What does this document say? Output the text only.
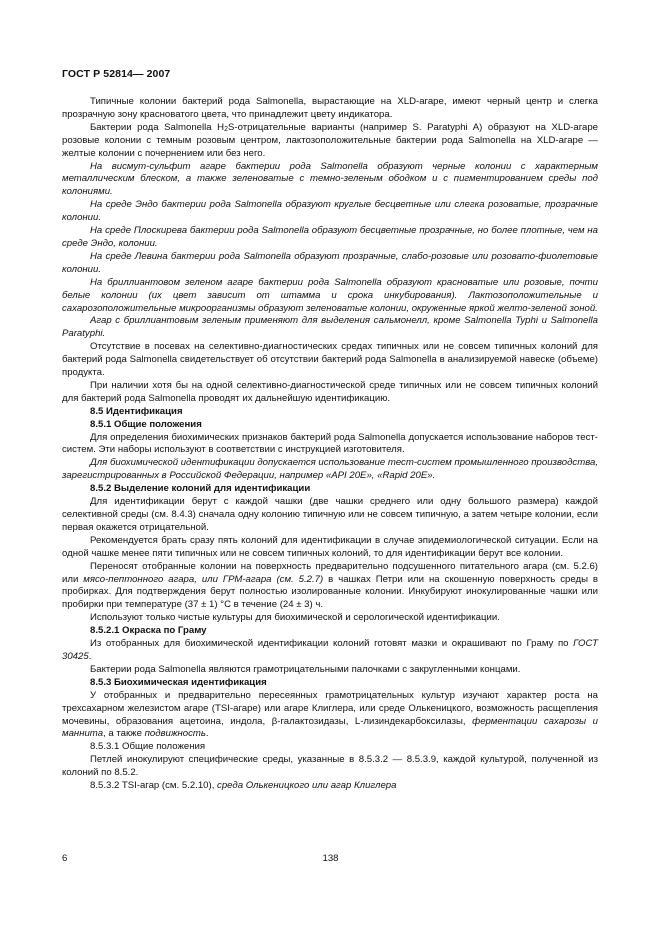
ГОСТ Р 52814— 2007

Типичные колонии бактерий рода Salmonella, вырастающие на XLD-агаре, имеют черный центр и слегка прозрачную зону красноватого цвета, что принадлежит цвету индикатора.

Бактерии рода Salmonella $H_2S$-отрицательные варианты (например S. Paratyphi A) образуют на XLD-агаре розовые колонии с темным розовым центром, лактозоположительные бактерии рода Salmonella на XLD-агаре — желтые колонии с почернением или без него.

На висмут-сульфит агаре бактерии рода Salmonella образуют черные колонии с характерным металлическим блеском, а также зеленоватые с темно-зеленым ободком и с пигментированием среды под колониями.

На среде Эндо бактерии рода Salmonella образуют круглые бесцветные или слегка розоватые, прозрачные колонии.

На среде Плоскирева бактерии рода Salmonella образуют бесцветные прозрачные, но более плотные, чем на среде Эндо, колонии.

На среде Левина бактерии рода Salmonella образуют прозрачные, слабо-розовые или розовато-фиолетовые колонии.

На бриллиантовом зеленом агаре бактерии рода Salmonella образуют красноватые или розовые, почти белые колонии (их цвет зависит от штамма и срока инкубирования). Лактозоположительные и сахарозоположительные микроорганизмы образуют зеленоватые колонии, окруженные яркой желто-зеленой зоной.

Агар с бриллиантовым зеленым применяют для выделения сальмонелл, кроме Salmonella Typhi и Salmonella Paratyphi.

Отсутствие в посевах на селективно-диагностических средах типичных или не совсем типичных колоний для бактерий рода Salmonella свидетельствует об отсутствии бактерий рода Salmonella в анализируемой навеске (объеме) продукта.

При наличии хотя бы на одной селективно-диагностической среде типичных или не совсем типичных колоний для бактерий рода Salmonella проводят их дальнейшую идентификацию.

8.5 Идентификация

8.5.1 Общие положения

Для определения биохимических признаков бактерий рода Salmonella допускается использование наборов тест-систем. Эти наборы используют в соответствии с инструкцией изготовителя.

Для биохимической идентификации допускается использование тест-систем промышленного производства, зарегистрированных в Российской Федерации, например «API 20E», «Rapid 20E».

8.5.2 Выделение колоний для идентификации

Для идентификации берут с каждой чашки (две чашки среднего или одну большого размера) каждой селективной среды (см. 8.4.3) сначала одну колонию типичную или не совсем типичную, а затем четыре колонии, если первая окажется отрицательной.

Рекомендуется брать сразу пять колоний для идентификации в случае эпидемиологической ситуации. Если на одной чашке менее пяти типичных или не совсем типичных колоний, то для идентификации берут все колонии.

Переносят отобранные колонии на поверхность предварительно подсушенного питательного агара (см. 5.2.6) или мясо-пептонного агара, или ГРМ-агара (см. 5.2.7) в чашках Петри или на скошенную поверхность среды в пробирках. Для подтверждения берут полностью изолированные колонии. Инкубируют инокулированные чашки или пробирки при температуре (37 ± 1) °С в течение (24 ± 3) ч.

Используют только чистые культуры для биохимической и серологической идентификации.

8.5.2.1 Окраска по Граму

Из отобранных для биохимической идентификации колоний готовят мазки и окрашивают по Граму по ГОСТ 30425.

Бактерии рода Salmonella являются грамотрицательными палочками с закругленными концами.

8.5.3 Биохимическая идентификация

У отобранных и предварительно пересеянных грамотрицательных культур изучают характер роста на трехсахарном железистом агаре (TSI-агаре) или агаре Клиглера, или среде Олькеницкого, возможность расщепления мочевины, образования ацетоина, индола, β-галактозидазы, L-лизиндекарбоксилазы, ферментации сахарозы и маннита, а также подвижность.

8.5.3.1 Общие положения

Петлей инокулируют специфические среды, указанные в 8.5.3.2 — 8.5.3.9, каждой культурой, полученной из колоний по 8.5.2.

8.5.3.2 TSI-агар (см. 5.2.10), среда Олькеницкого или агар Клиглера

6	138
